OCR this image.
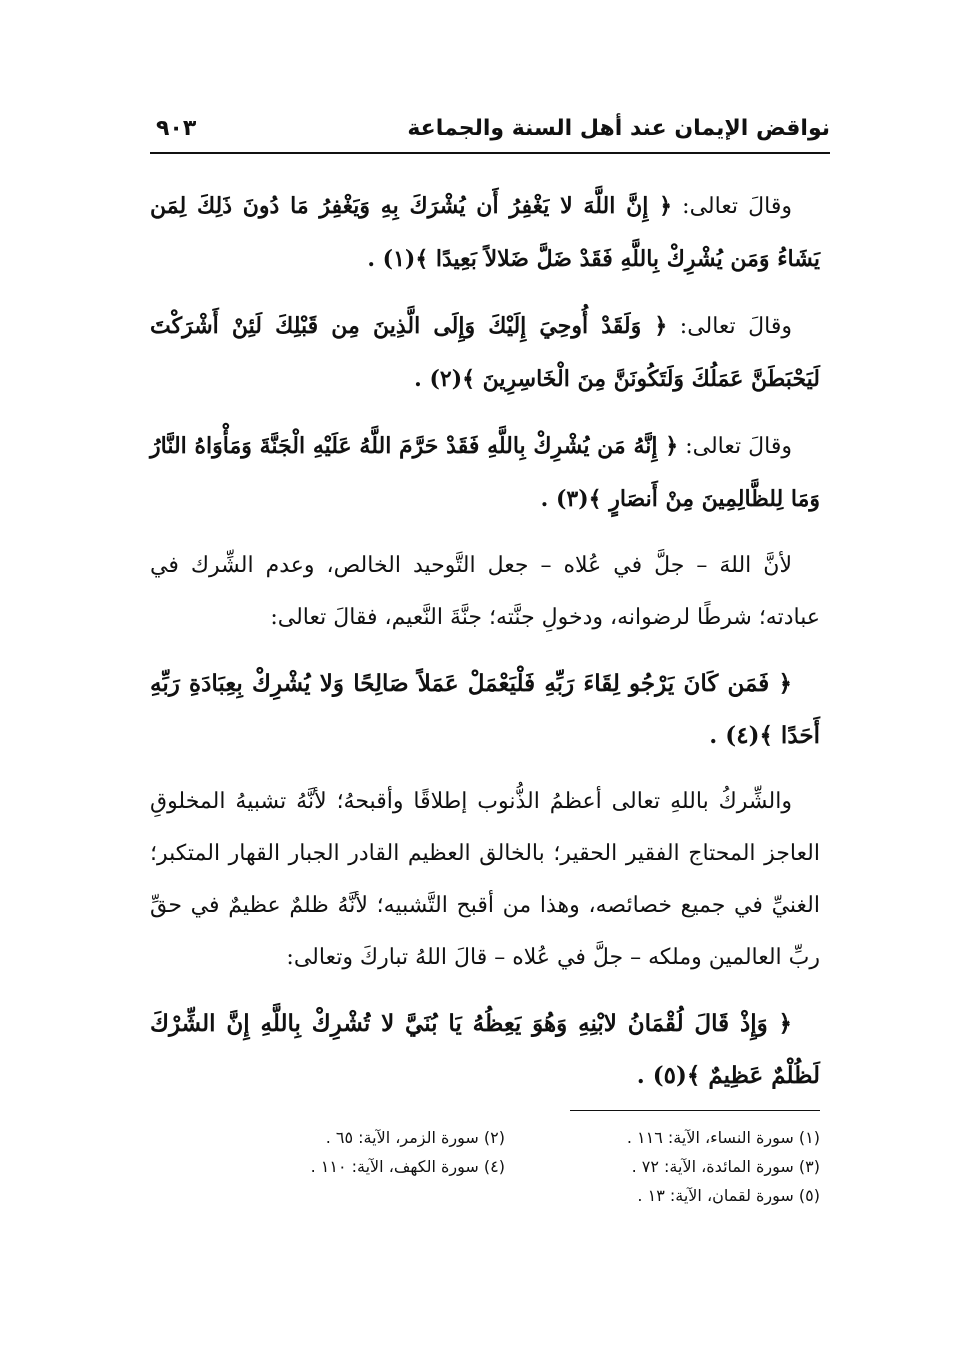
نواقض الإيمان عند أهل السنة والجماعة
٩٠٣

وقالَ تعالى: ﴿ إِنَّ اللَّهَ لا يَغْفِرُ أَن يُشْرَكَ بِهِ وَيَغْفِرُ مَا دُونَ ذَلِكَ لِمَن يَشَاءُ وَمَن يُشْرِكْ بِاللَّهِ فَقَدْ ضَلَّ ضَلالاً بَعِيدًا ﴾(١) .

وقالَ تعالى: ﴿ وَلَقَدْ أُوحِيَ إِلَيْكَ وَإِلَى الَّذِينَ مِن قَبْلِكَ لَئِنْ أَشْرَكْتَ لَيَحْبَطَنَّ عَمَلُكَ وَلَتَكُونَنَّ مِنَ الْخَاسِرِينَ ﴾(٢) .

وقالَ تعالى: ﴿ إِنَّهُ مَن يُشْرِكْ بِاللَّهِ فَقَدْ حَرَّمَ اللَّهُ عَلَيْهِ الْجَنَّةَ وَمَأْوَاهُ النَّارُ وَمَا لِلظَّالِمِينَ مِنْ أَنصَارٍ ﴾(٣) .

لأنَّ اللهَ – جلَّ في عُلاه – جعل التَّوحيد الخالص، وعدم الشِّرك في عبادته؛ شرطًا لرضوانه، ودخولِ جنَّته؛ جنَّةَ النَّعيم، فقالَ تعالى:

﴿ فَمَن كَانَ يَرْجُو لِقَاءَ رَبِّهِ فَلْيَعْمَلْ عَمَلاً صَالِحًا وَلا يُشْرِكْ بِعِبَادَةِ رَبِّهِ أَحَدًا ﴾(٤) .

والشِّركُ باللهِ تعالى أعظمُ الذُّنوب إطلاقًا وأقبحهُ؛ لأنَّهُ تشبيهُ المخلوقِ العاجز المحتاج الفقير الحقير؛ بالخالق العظيم القادر الجبار القهار المتكبر؛ الغنيِّ في جميع خصائصه، وهذا من أقبح التَّشبيه؛ لأنَّهُ ظلمٌ عظيمٌ في حقِّ ربِّ العالمين وملكه – جلَّ في عُلاه – قالَ اللهُ تباركَ وتعالى:

﴿ وَإِذْ قَالَ لُقْمَانُ لابْنِهِ وَهُوَ يَعِظُهُ يَا بُنَيَّ لا تُشْرِكْ بِاللَّهِ إِنَّ الشِّرْكَ لَظُلْمٌ عَظِيمٌ ﴾(٥) .

(١) سورة النساء، الآية: ١١٦ .
(٢) سورة الزمر، الآية: ٦٥ .
(٣) سورة المائدة، الآية: ٧٢ .
(٤) سورة الكهف، الآية: ١١٠ .
(٥) سورة لقمان، الآية: ١٣ .
